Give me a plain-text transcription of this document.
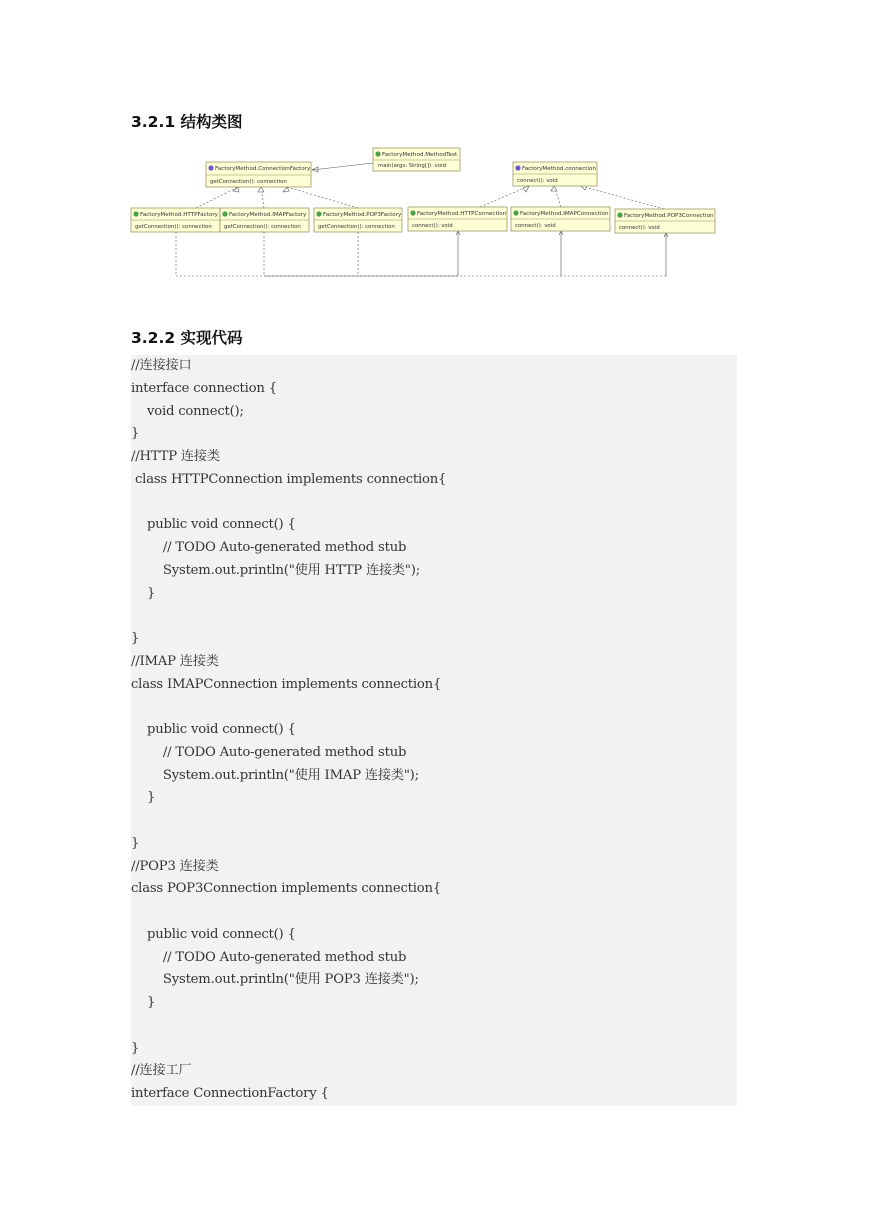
3.2.1 结构类图
FactoryMethod.MethodTest
FactoryMethod.ConnectionFactory	FactoryMethod.connection
FactoryMethod.HTTPFactory FactoryMethod.IMAPFactory	FactoryMethod.POP3Factory	FactoryMethod.HTTPConnection FactoryMethod.IMAPConnection	FactoryMethod.POP3Connection
main(args: String[]): void
getConnection(): connection	connect(): void
getConnection(): connection getConnection(): connection	getConnection(): connection	connect(): void	connect(): void	connect(): void
3.2.2 实现代码
//连接接口
interface connection {
void connect();
}
//HTTP 连接类
class HTTPConnection implements connection{
public void connect() {
// TODO Auto-generated method stub
System.out.println("使用 HTTP 连接类");
}
}
//IMAP 连接类
class IMAPConnection implements connection{
public void connect() {
// TODO Auto-generated method stub
System.out.println("使用 IMAP 连接类");
}
}
//POP3 连接类
class POP3Connection implements connection{
public void connect() {
// TODO Auto-generated method stub
System.out.println("使用 POP3 连接类");
}
}
//连接工厂
interface ConnectionFactory {
